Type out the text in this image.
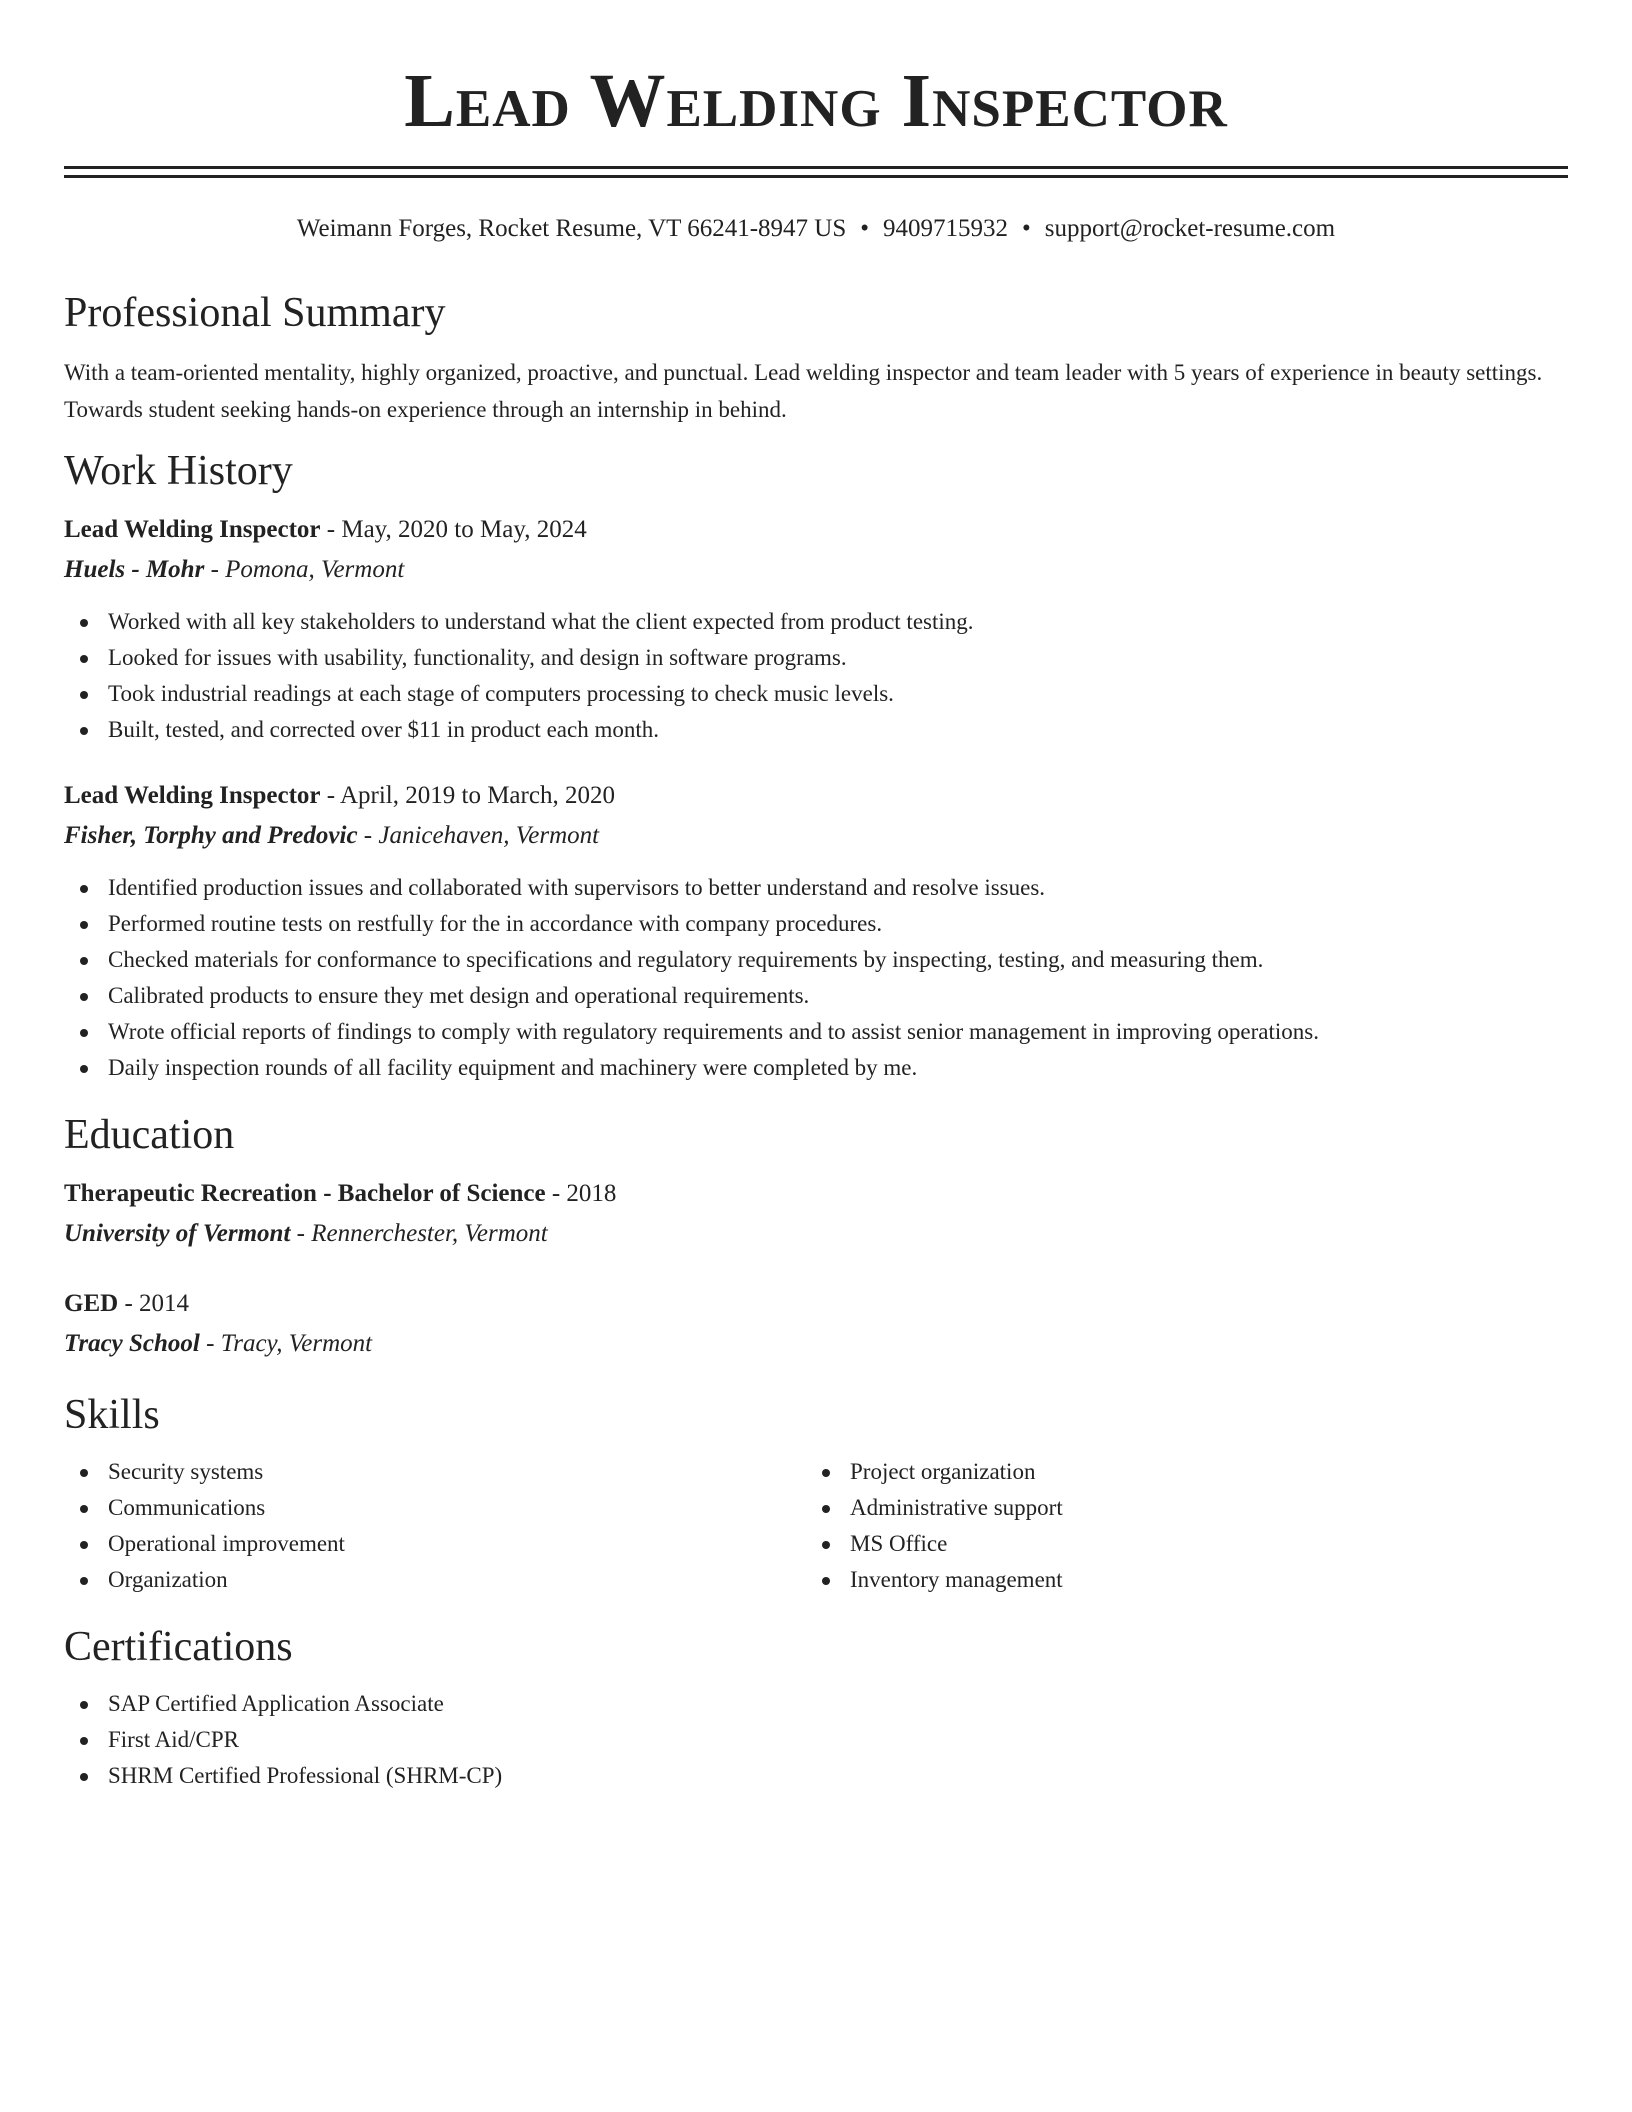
Lead Welding Inspector
Weimann Forges, Rocket Resume, VT 66241-8947 US • 9409715932 • support@rocket-resume.com
Professional Summary

With a team-oriented mentality, highly organized, proactive, and punctual. Lead welding inspector and team leader with 5 years of experience in beauty settings. Towards student seeking hands-on experience through an internship in behind.

Work History
Lead Welding Inspector - May, 2020 to May, 2024
Huels - Mohr - Pomona, Vermont
Worked with all key stakeholders to understand what the client expected from product testing.
Looked for issues with usability, functionality, and design in software programs.
Took industrial readings at each stage of computers processing to check music levels.
Built, tested, and corrected over $11 in product each month.
Lead Welding Inspector - April, 2019 to March, 2020
Fisher, Torphy and Predovic - Janicehaven, Vermont
Identified production issues and collaborated with supervisors to better understand and resolve issues.
Performed routine tests on restfully for the in accordance with company procedures.
Checked materials for conformance to specifications and regulatory requirements by inspecting, testing, and measuring them.
Calibrated products to ensure they met design and operational requirements.
Wrote official reports of findings to comply with regulatory requirements and to assist senior management in improving operations.
Daily inspection rounds of all facility equipment and machinery were completed by me.
Education
Therapeutic Recreation - Bachelor of Science - 2018
University of Vermont - Rennerchester, Vermont
GED - 2014
Tracy School - Tracy, Vermont
Skills
Security systems
Communications
Operational improvement
Organization
Project organization
Administrative support
MS Office
Inventory management
Certifications
SAP Certified Application Associate
First Aid/CPR
SHRM Certified Professional (SHRM-CP)
